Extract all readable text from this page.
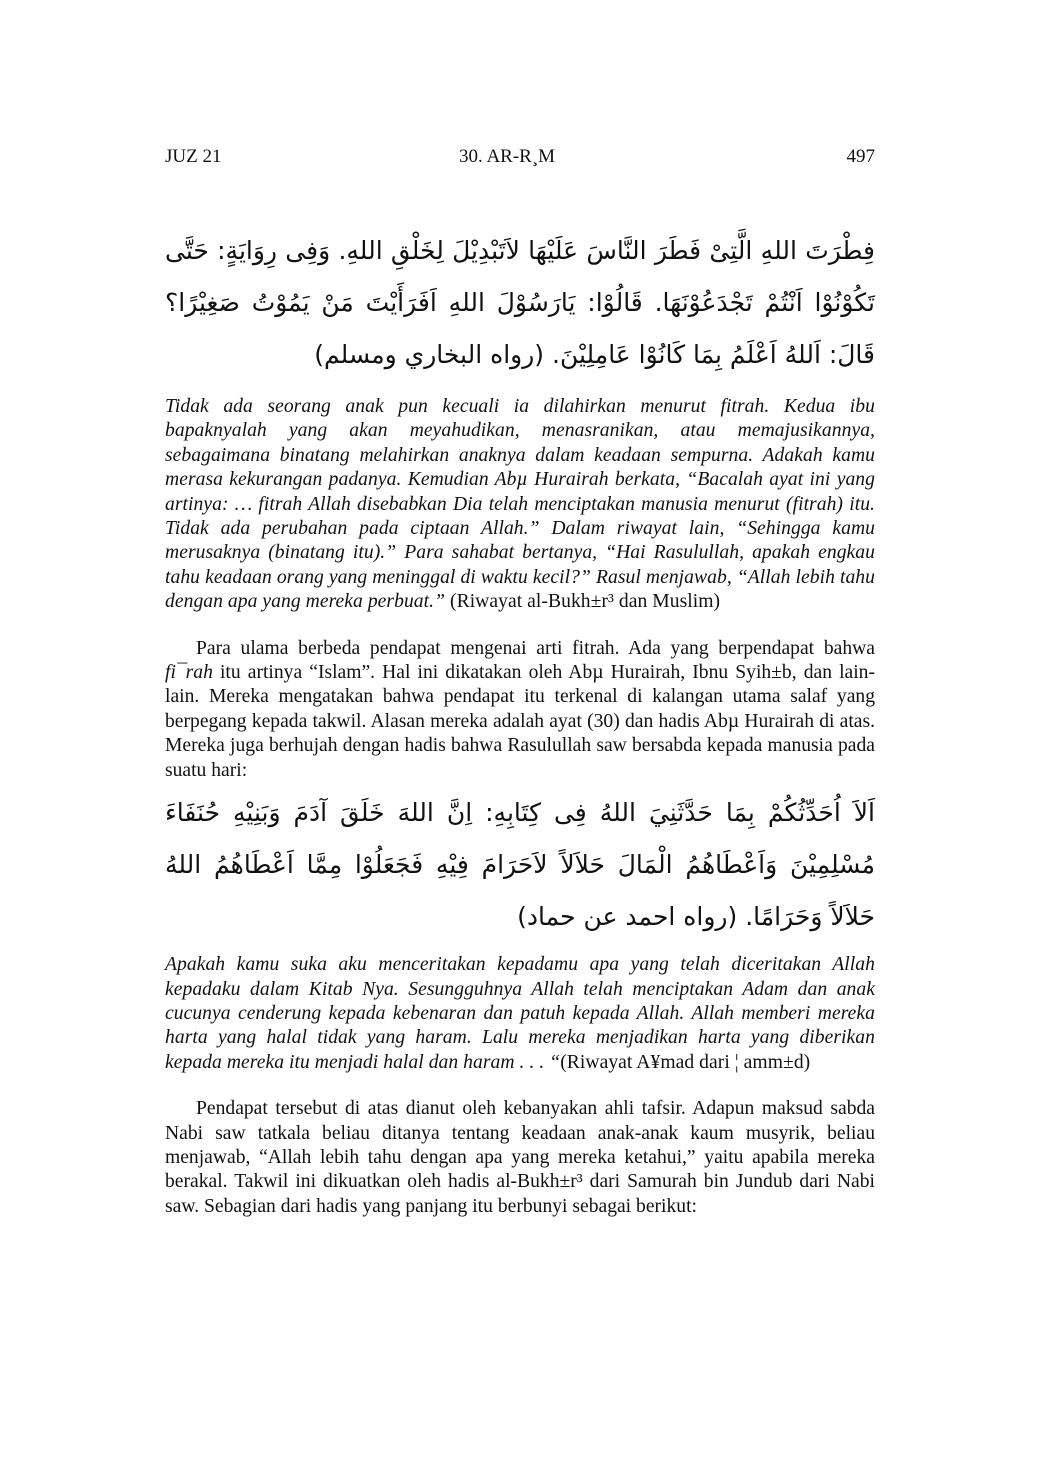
JUZ 21	30. AR-R¸M	497

فِطْرَتَ اللهِ الَّتِىْ فَطَرَ النَّاسَ عَلَيْهَا لاَتَبْدِيْلَ لِخَلْقِ اللهِ. وَفِى رِوَايَةٍ: حَتَّى تَكُوْنُوْا اَنْتُمْ تَجْدَعُوْنَهَا. قَالُوْا: يَارَسُوْلَ اللهِ اَفَرَأَيْتَ مَنْ يَمُوْتُ صَغِيْرًا؟ قَالَ: اَللهُ اَعْلَمُ بِمَا كَانُوْا عَامِلِيْنَ. (رواه البخاري ومسلم)

Tidak ada seorang anak pun kecuali ia dilahirkan menurut fitrah. Kedua ibu bapaknyalah yang akan meyahudikan, menasranikan, atau memajusikannya, sebagaimana binatang melahirkan anaknya dalam keadaan sempurna. Adakah kamu merasa kekurangan padanya. Kemudian Abµ Hurairah berkata, “Bacalah ayat ini yang artinya: … fitrah Allah disebabkan Dia telah menciptakan manusia menurut (fitrah) itu. Tidak ada perubahan pada ciptaan Allah.” Dalam riwayat lain, “Sehingga kamu merusaknya (binatang itu).” Para sahabat bertanya, “Hai Rasulullah, apakah engkau tahu keadaan orang yang meninggal di waktu kecil?” Rasul menjawab, “Allah lebih tahu dengan apa yang mereka perbuat.” (Riwayat al-Bukh±r³ dan Muslim)

Para ulama berbeda pendapat mengenai arti fitrah. Ada yang berpendapat bahwa fi¯rah itu artinya “Islam”. Hal ini dikatakan oleh Abµ Hurairah, Ibnu Syih±b, dan lain-lain. Mereka mengatakan bahwa pendapat itu terkenal di kalangan utama salaf yang berpegang kepada takwil. Alasan mereka adalah ayat (30) dan hadis Abµ Hurairah di atas. Mereka juga berhujah dengan hadis bahwa Rasulullah saw bersabda kepada manusia pada suatu hari:

اَلاَ اُحَدِّثُكُمْ بِمَا حَدَّثَنِيَ اللهُ فِى كِتَابِهِ: اِنَّ اللهَ خَلَقَ آدَمَ وَبَنِيْهِ حُنَفَاءَ مُسْلِمِيْنَ وَاَعْطَاهُمُ الْمَالَ حَلاَلاً لاَحَرَامَ فِيْهِ فَجَعَلُوْا مِمَّا اَعْطَاهُمُ اللهُ حَلاَلاً وَحَرَامًا. (رواه احمد عن حماد)

Apakah kamu suka aku menceritakan kepadamu apa yang telah diceritakan Allah kepadaku dalam Kitab Nya. Sesungguhnya Allah telah menciptakan Adam dan anak cucunya cenderung kepada kebenaran dan patuh kepada Allah. Allah memberi mereka harta yang halal tidak yang haram. Lalu mereka menjadikan harta yang diberikan kepada mereka itu menjadi halal dan haram . . . “(Riwayat A¥mad dari ¦ amm±d)

Pendapat tersebut di atas dianut oleh kebanyakan ahli tafsir. Adapun maksud sabda Nabi saw tatkala beliau ditanya tentang keadaan anak-anak kaum musyrik, beliau menjawab, “Allah lebih tahu dengan apa yang mereka ketahui,” yaitu apabila mereka berakal. Takwil ini dikuatkan oleh hadis al-Bukh±r³ dari Samurah bin Jundub dari Nabi saw. Sebagian dari hadis yang panjang itu berbunyi sebagai berikut:
